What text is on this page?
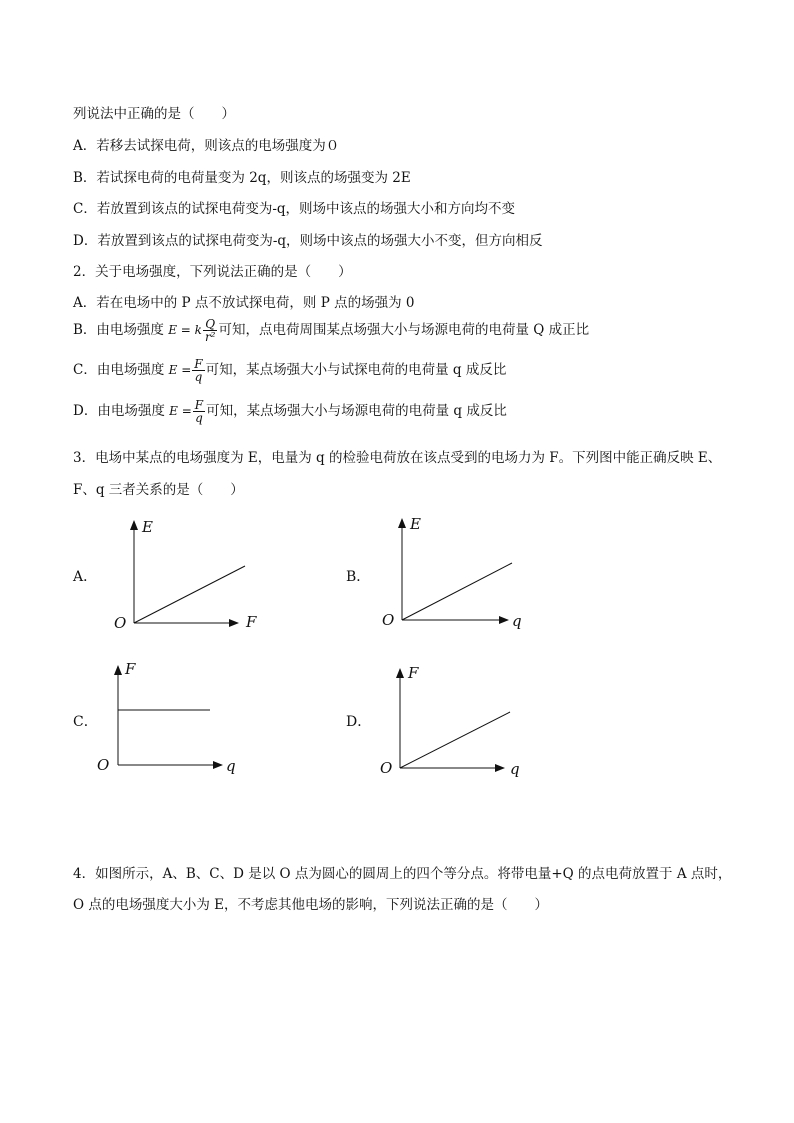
列说法中正确的是（　　）
A．若移去试探电荷，则该点的电场强度为０
B．若试探电荷的电荷量变为 2q，则该点的场强变为 2E
C．若放置到该点的试探电荷变为-q，则场中该点的场强大小和方向均不变
D．若放置到该点的试探电荷变为-q，则场中该点的场强大小不变，但方向相反
2．关于电场强度，下列说法正确的是（　　）
A．若在电场中的 P 点不放试探电荷，则 P 点的场强为 0
B．由电场强度 E = k $\frac{Q}{\text{r²}}$ 可知，点电荷周围某点场强大小与场源电荷的电荷量 Q 成正比
C．由电场强度 $E = \frac{F}{q}$ 可知，某点场强大小与试探电荷的电荷量 q 成反比
D．由电场强度 $E = \frac{F}{q}$ 可知，某点场强大小与场源电荷的电荷量 q 成反比
3．电场中某点的电场强度为 E，电量为 q 的检验电荷放在该点受到的电场力为 F。下列图中能正确反映 E、
F、q 三者关系的是（　　）
A．
E
F
O
B．
E
q
O
C．
F
q
O
D．
F
q
O
4．如图所示，A、B、C、D 是以 O 点为圆心的圆周上的四个等分点。将带电量+Q 的点电荷放置于 A 点时，
O 点的电场强度大小为 E，不考虑其他电场的影响，下列说法正确的是（　　）
